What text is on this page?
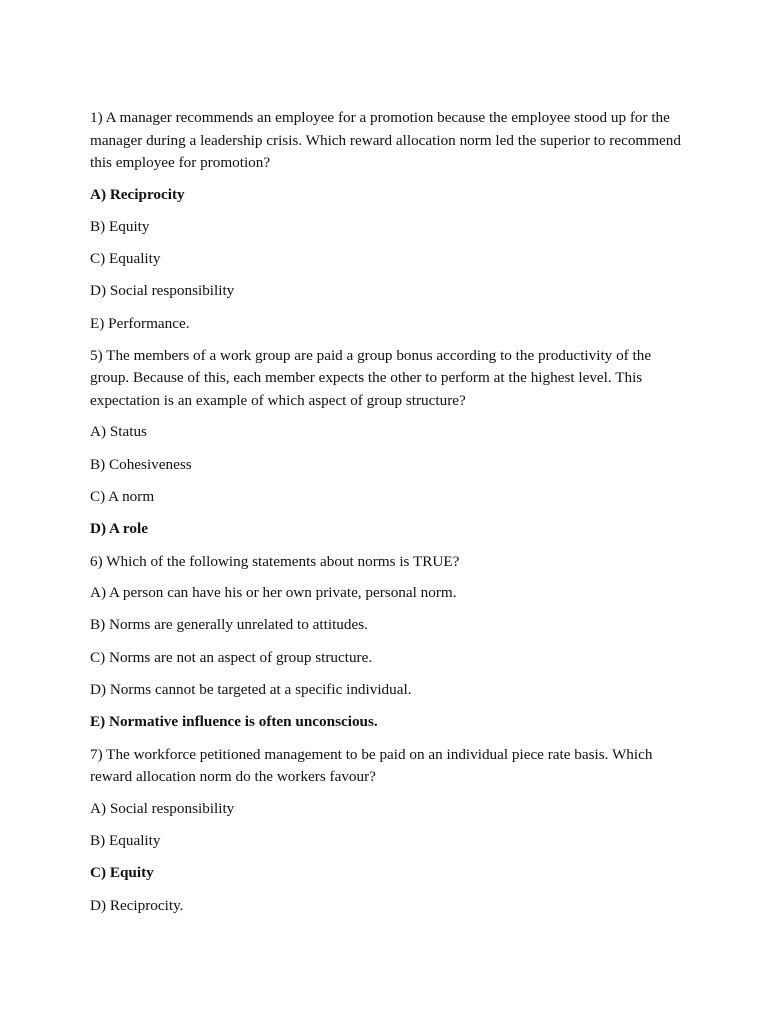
1) A manager recommends an employee for a promotion because the employee stood up for the manager during a leadership crisis. Which reward allocation norm led the superior to recommend this employee for promotion?

A) Reciprocity

B) Equity

C) Equality

D) Social responsibility

E) Performance.

5) The members of a work group are paid a group bonus according to the productivity of the group. Because of this, each member expects the other to perform at the highest level. This expectation is an example of which aspect of group structure?

A) Status

B) Cohesiveness

C) A norm

D) A role

6) Which of the following statements about norms is TRUE?

A) A person can have his or her own private, personal norm.

B) Norms are generally unrelated to attitudes.

C) Norms are not an aspect of group structure.

D) Norms cannot be targeted at a specific individual.

E) Normative influence is often unconscious.

7) The workforce petitioned management to be paid on an individual piece rate basis. Which reward allocation norm do the workers favour?

A) Social responsibility

B) Equality

C) Equity

D) Reciprocity.
